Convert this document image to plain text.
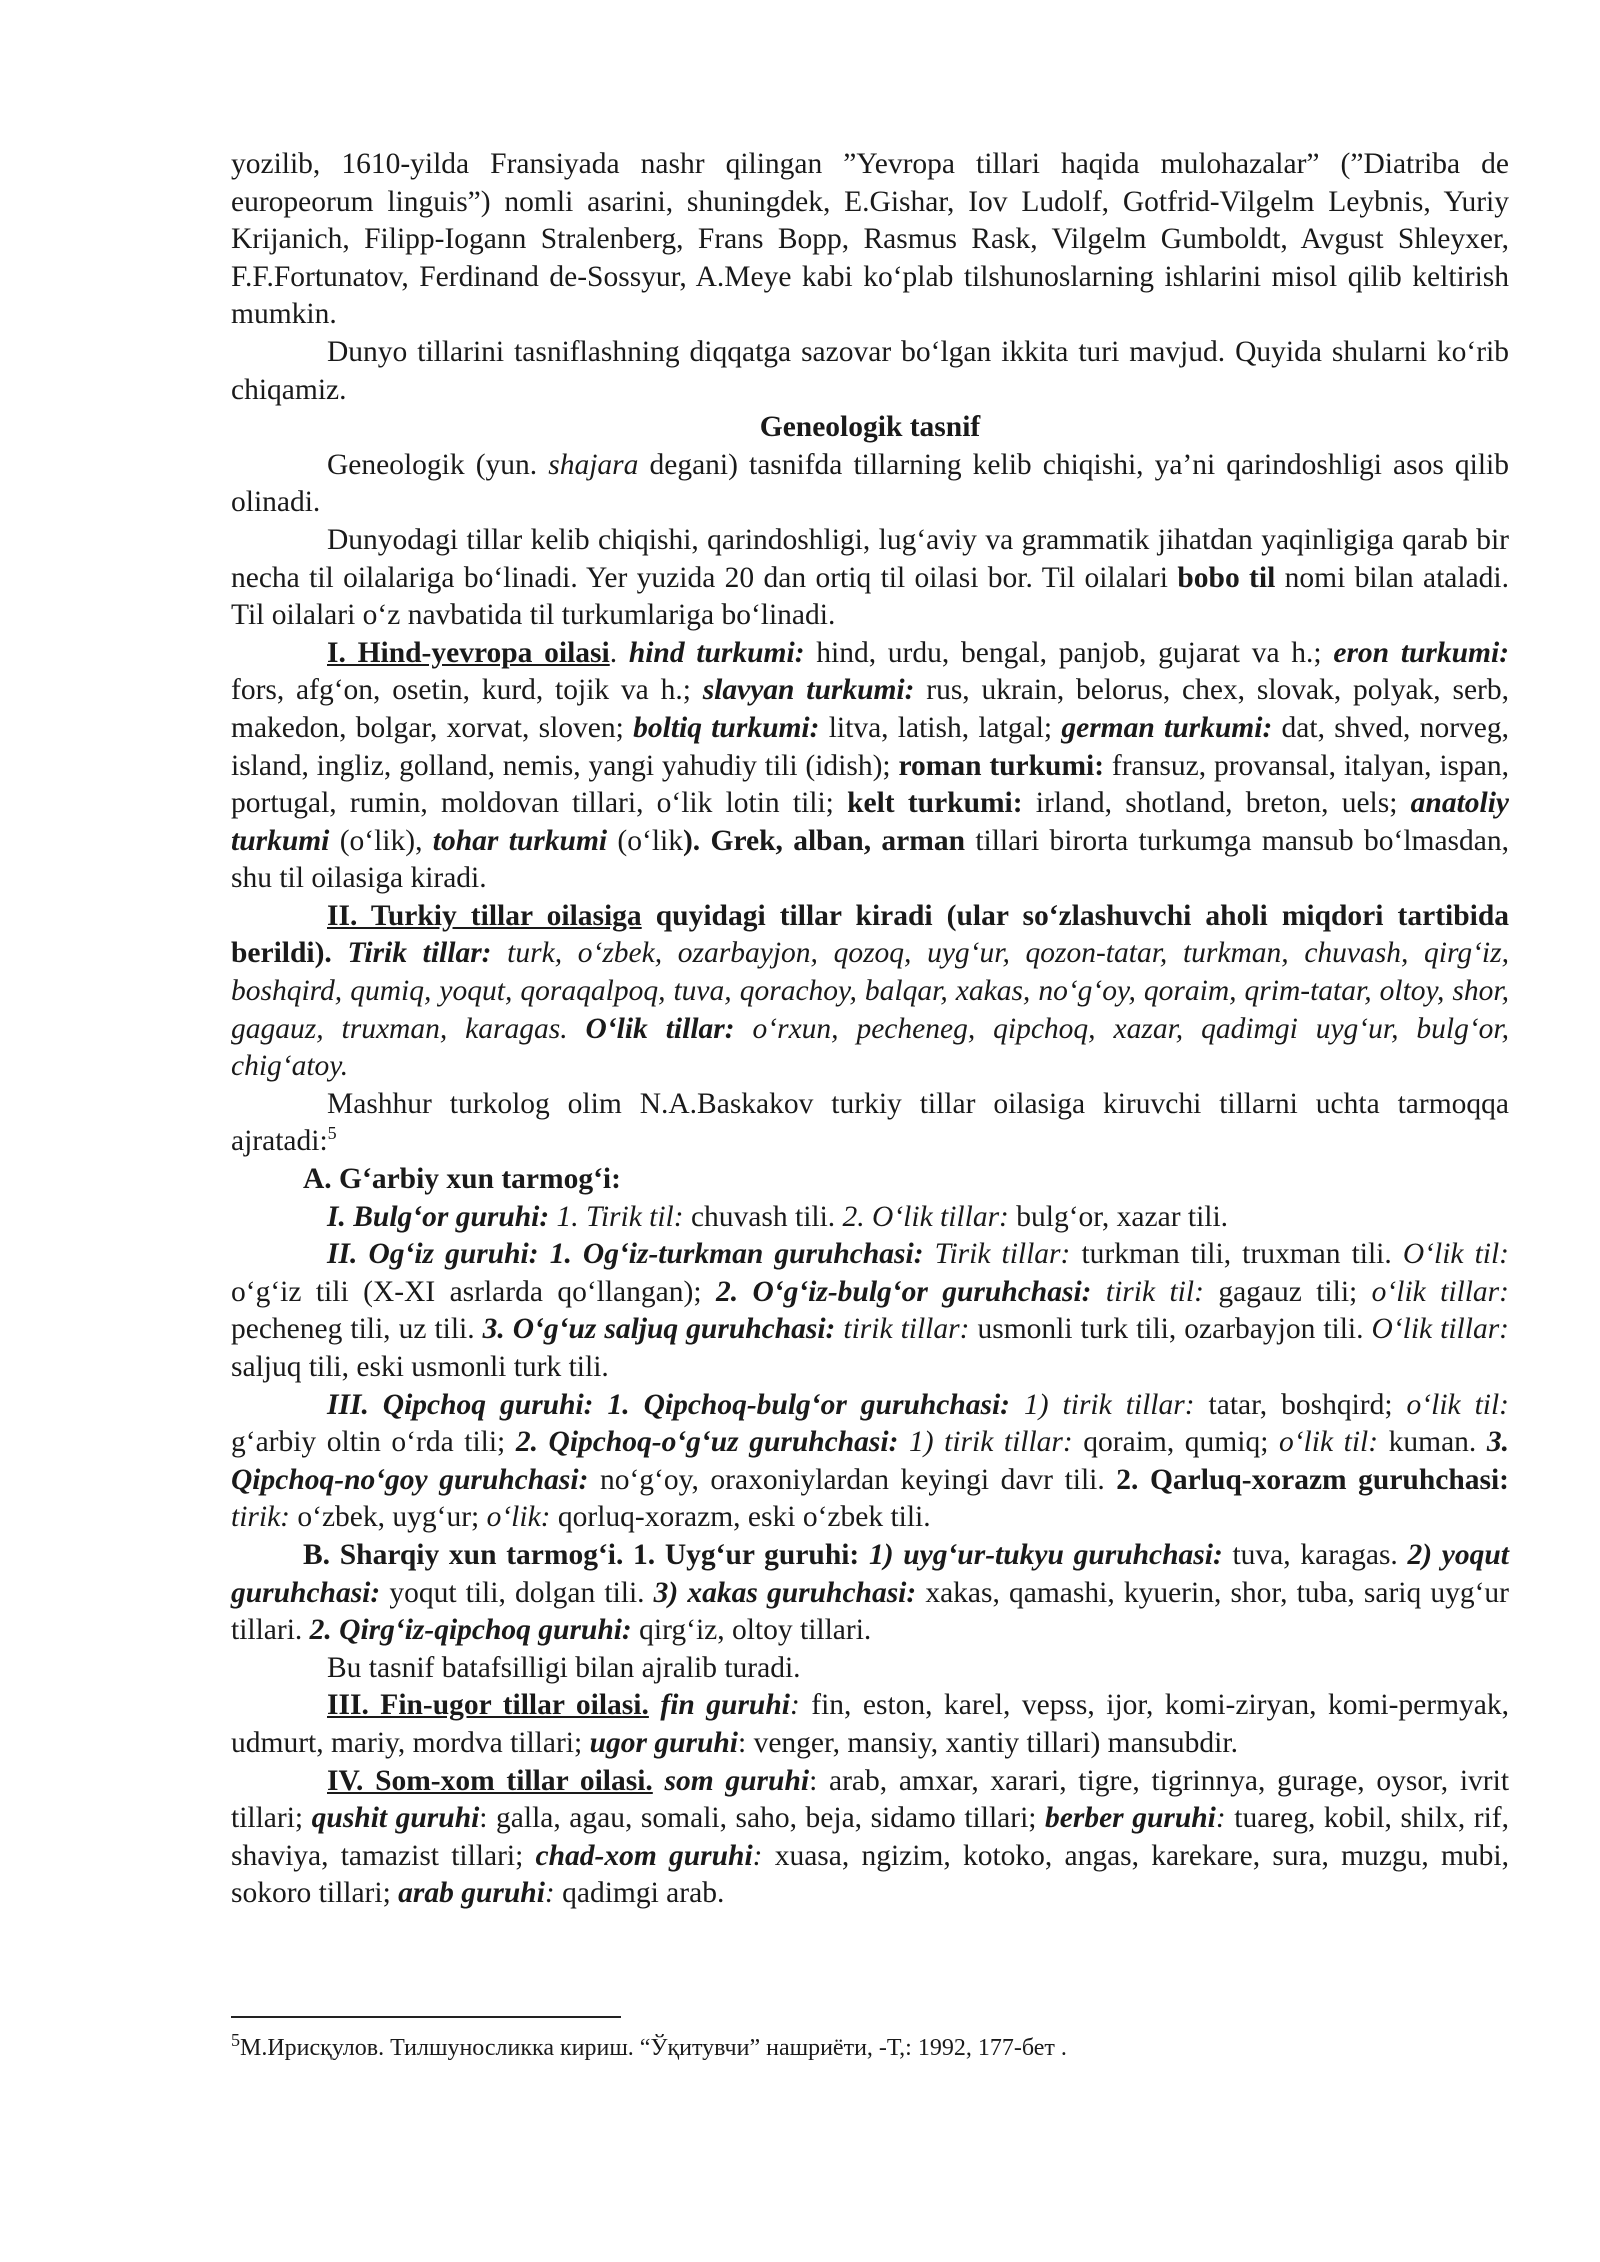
yozilib, 1610-yilda Fransiyada nashr qilingan ”Yevropa tillari haqida mulohazalar” (”Diatriba de europeorum linguis”) nomli asarini, shuningdek, E.Gishar, Iov Ludolf, Gotfrid-Vilgelm Leybnis, Yuriy Krijanich, Filipp-Iogann Stralenberg, Frans Bopp, Rasmus Rask, Vilgelm Gumboldt, Avgust Shleyxer, F.F.Fortunatov, Ferdinand de-Sossyur, A.Meye kabi ko‘plab tilshunoslarning ishlarini misol qilib keltirish mumkin.

Dunyo tillarini tasniflashning diqqatga sazovar bo‘lgan ikkita turi mavjud. Quyida shularni ko‘rib chiqamiz.

Geneologik tasnif

Geneologik (yun. shajara degani) tasnifda tillarning kelib chiqishi, ya’ni qarindoshligi asos qilib olinadi.

Dunyodagi tillar kelib chiqishi, qarindoshligi, lug‘aviy va grammatik jihatdan yaqinligiga qarab bir necha til oilalariga bo‘linadi. Yer yuzida 20 dan ortiq til oilasi bor. Til oilalari bobo til nomi bilan ataladi. Til oilalari o‘z navbatida til turkumlariga bo‘linadi.

I. Hind-yevropa oilasi. hind turkumi: hind, urdu, bengal, panjob, gujarat va h.; eron turkumi: fors, afg‘on, osetin, kurd, tojik va h.; slavyan turkumi: rus, ukrain, belorus, chex, slovak, polyak, serb, makedon, bolgar, xorvat, sloven; boltiq turkumi: litva, latish, latgal; german turkumi: dat, shved, norveg, island, ingliz, golland, nemis, yangi yahudiy tili (idish); roman turkumi: fransuz, provansal, italyan, ispan, portugal, rumin, moldovan tillari, o‘lik lotin tili; kelt turkumi: irland, shotland, breton, uels; anatoliy turkumi (o‘lik), tohar turkumi (o‘lik). Grek, alban, arman tillari birorta turkumga mansub bo‘lmasdan, shu til oilasiga kiradi.

II. Turkiy tillar oilasiga quyidagi tillar kiradi (ular so‘zlashuvchi aholi miqdori tartibida berildi). Tirik tillar: turk, o‘zbek, ozarbayjon, qozoq, uyg‘ur, qozon-tatar, turkman, chuvash, qirg‘iz, boshqird, qumiq, yoqut, qoraqalpoq, tuva, qorachoy, balqar, xakas, no‘g‘oy, qoraim, qrim-tatar, oltoy, shor, gagauz, truxman, karagas. O‘lik tillar: o‘rxun, pecheneg, qipchoq, xazar, qadimgi uyg‘ur, bulg‘or, chig‘atoy.

Mashhur turkolog olim N.A.Baskakov turkiy tillar oilasiga kiruvchi tillarni uchta tarmoqqa ajratadi:$^5$

A. G‘arbiy xun tarmog‘i:

I. Bulg‘or guruhi: 1. Tirik til: chuvash tili. 2. O‘lik tillar: bulg‘or, xazar tili.

II. Og‘iz guruhi: 1. Og‘iz-turkman guruhchasi: Tirik tillar: turkman tili, truxman tili. O‘lik til: o‘g‘iz tili (X-XI asrlarda qo‘llangan); 2. O‘g‘iz-bulg‘or guruhchasi: tirik til: gagauz tili; o‘lik tillar: pecheneg tili, uz tili. 3. O‘g‘uz saljuq guruhchasi: tirik tillar: usmonli turk tili, ozarbayjon tili. O‘lik tillar: saljuq tili, eski usmonli turk tili.

III. Qipchoq guruhi: 1. Qipchoq-bulg‘or guruhchasi: 1) tirik tillar: tatar, boshqird; o‘lik til: g‘arbiy oltin o‘rda tili; 2. Qipchoq-o‘g‘uz guruhchasi: 1) tirik tillar: qoraim, qumiq; o‘lik til: kuman. 3. Qipchoq-no‘goy guruhchasi: no‘g‘oy, oraxoniylardan keyingi davr tili. 2. Qarluq-xorazm guruhchasi: tirik: o‘zbek, uyg‘ur; o‘lik: qorluq-xorazm, eski o‘zbek tili.

B. Sharqiy xun tarmog‘i. 1. Uyg‘ur guruhi: 1) uyg‘ur-tukyu guruhchasi: tuva, karagas. 2) yoqut guruhchasi: yoqut tili, dolgan tili. 3) xakas guruhchasi: xakas, qamashi, kyuerin, shor, tuba, sariq uyg‘ur tillari. 2. Qirg‘iz-qipchoq guruhi: qirg‘iz, oltoy tillari.

Bu tasnif batafsilligi bilan ajralib turadi.

III. Fin-ugor tillar oilasi. fin guruhi: fin, eston, karel, vepss, ijor, komi-ziryan, komi-permyak, udmurt, mariy, mordva tillari; ugor guruhi: venger, mansiy, xantiy tillari) mansubdir.

IV. Som-xom tillar oilasi. som guruhi: arab, amxar, xarari, tigre, tigrinnya, gurage, oysor, ivrit tillari; qushit guruhi: galla, agau, somali, saho, beja, sidamo tillari; berber guruhi: tuareg, kobil, shilx, rif, shaviya, tamazist tillari; chad-xom guruhi: xuasa, ngizim, kotoko, angas, karekare, sura, muzgu, mubi, sokoro tillari; arab guruhi: qadimgi arab.

$^5$М.Ирисқулов. Тилшуносликка кириш. “Ўқитувчи” нашриёти, -Т,: 1992, 177-бет .
